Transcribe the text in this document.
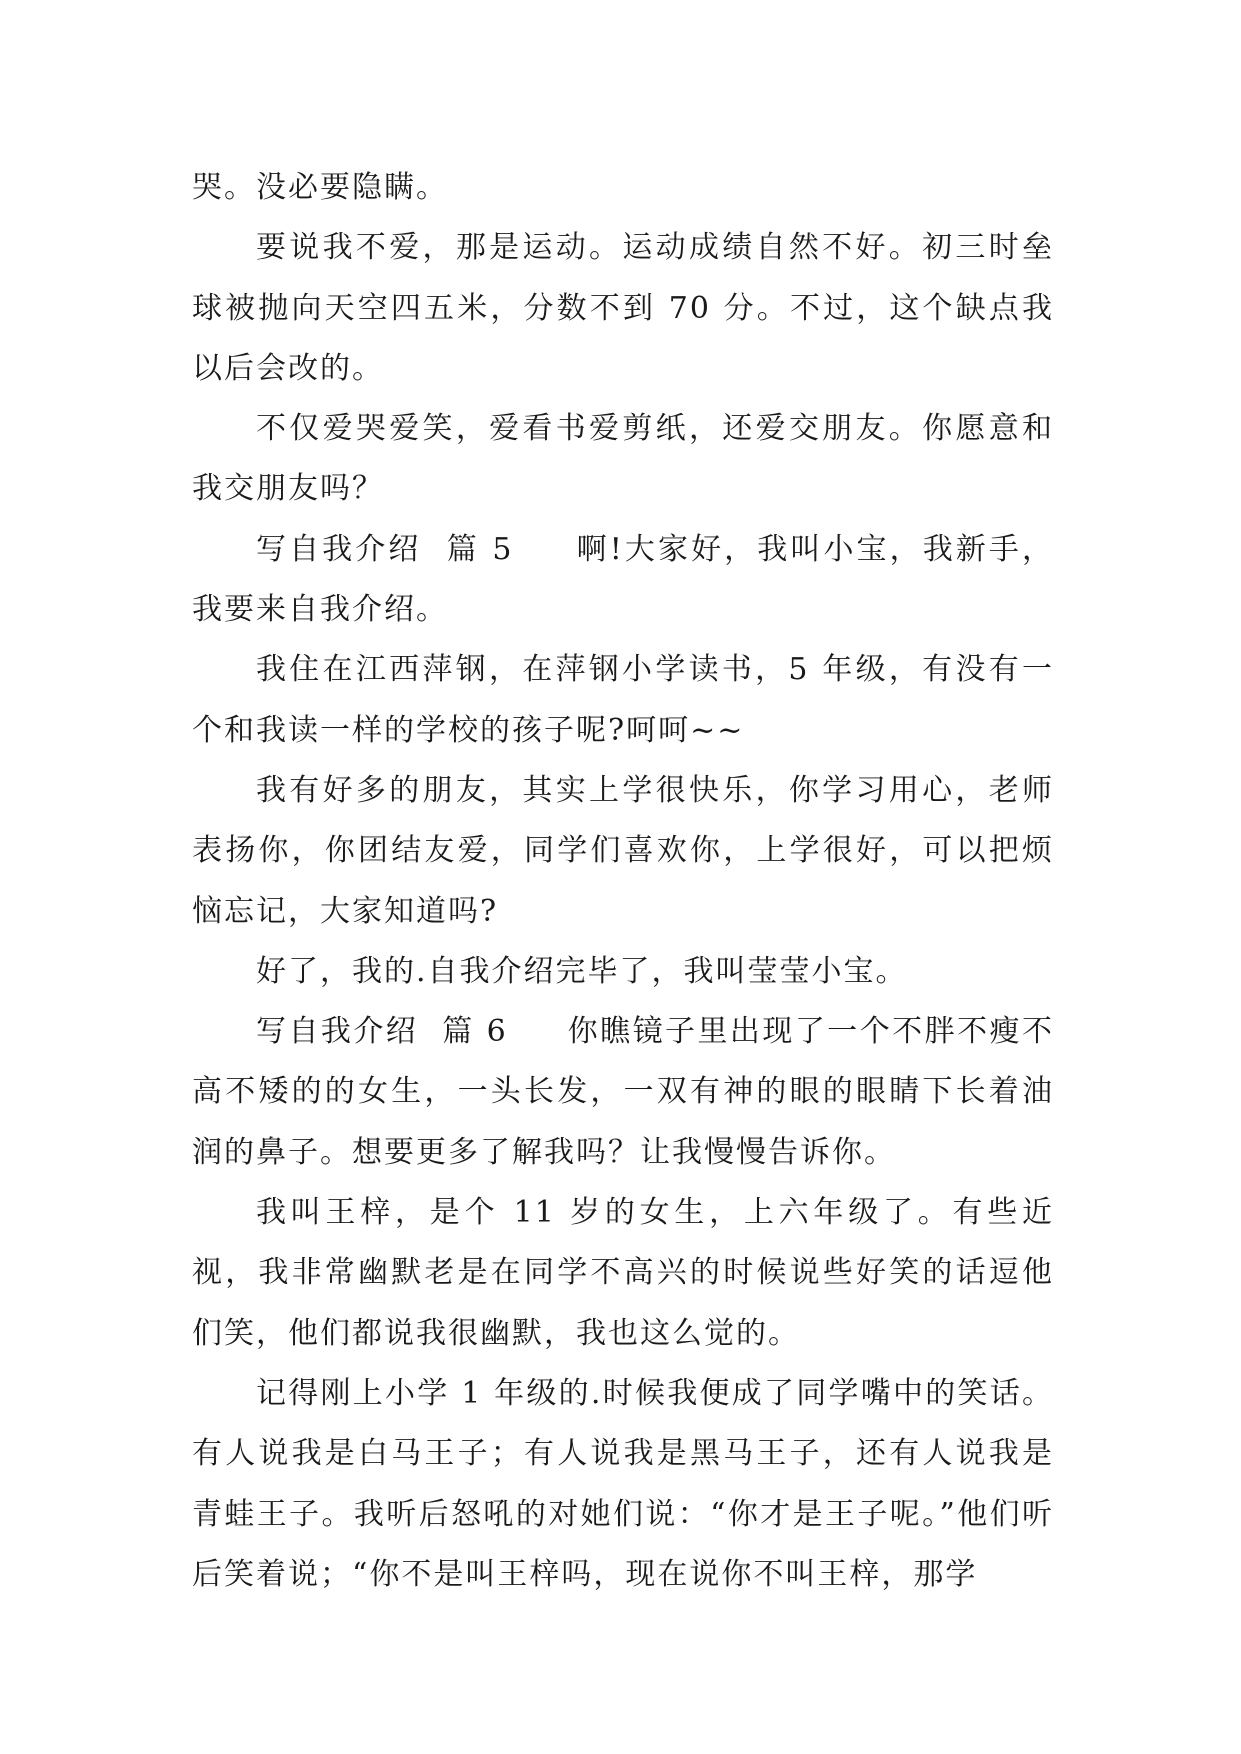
哭。没必要隐瞒。

要说我不爱，那是运动。运动成绩自然不好。初三时垒球被抛向天空四五米，分数不到 70 分。不过，这个缺点我以后会改的。

不仅爱哭爱笑，爱看书爱剪纸，还爱交朋友。你愿意和我交朋友吗？

写自我介绍  篇 5     啊!大家好，我叫小宝，我新手，我要来自我介绍。

我住在江西萍钢，在萍钢小学读书，5 年级，有没有一个和我读一样的学校的孩子呢?呵呵~~

我有好多的朋友，其实上学很快乐，你学习用心，老师表扬你，你团结友爱，同学们喜欢你，上学很好，可以把烦恼忘记，大家知道吗?

好了，我的.自我介绍完毕了，我叫莹莹小宝。

写自我介绍  篇 6     你瞧镜子里出现了一个不胖不瘦不高不矮的的女生，一头长发，一双有神的眼的眼睛下长着油润的鼻子。想要更多了解我吗？让我慢慢告诉你。

我叫王梓，是个 11 岁的女生，上六年级了。有些近视，我非常幽默老是在同学不高兴的时候说些好笑的话逗他们笑，他们都说我很幽默，我也这么觉的。

记得刚上小学 1 年级的.时候我便成了同学嘴中的笑话。有人说我是白马王子；有人说我是黑马王子，还有人说我是青蛙王子。我听后怒吼的对她们说：“你才是王子呢。”他们听后笑着说；“你不是叫王梓吗，现在说你不叫王梓，那学
